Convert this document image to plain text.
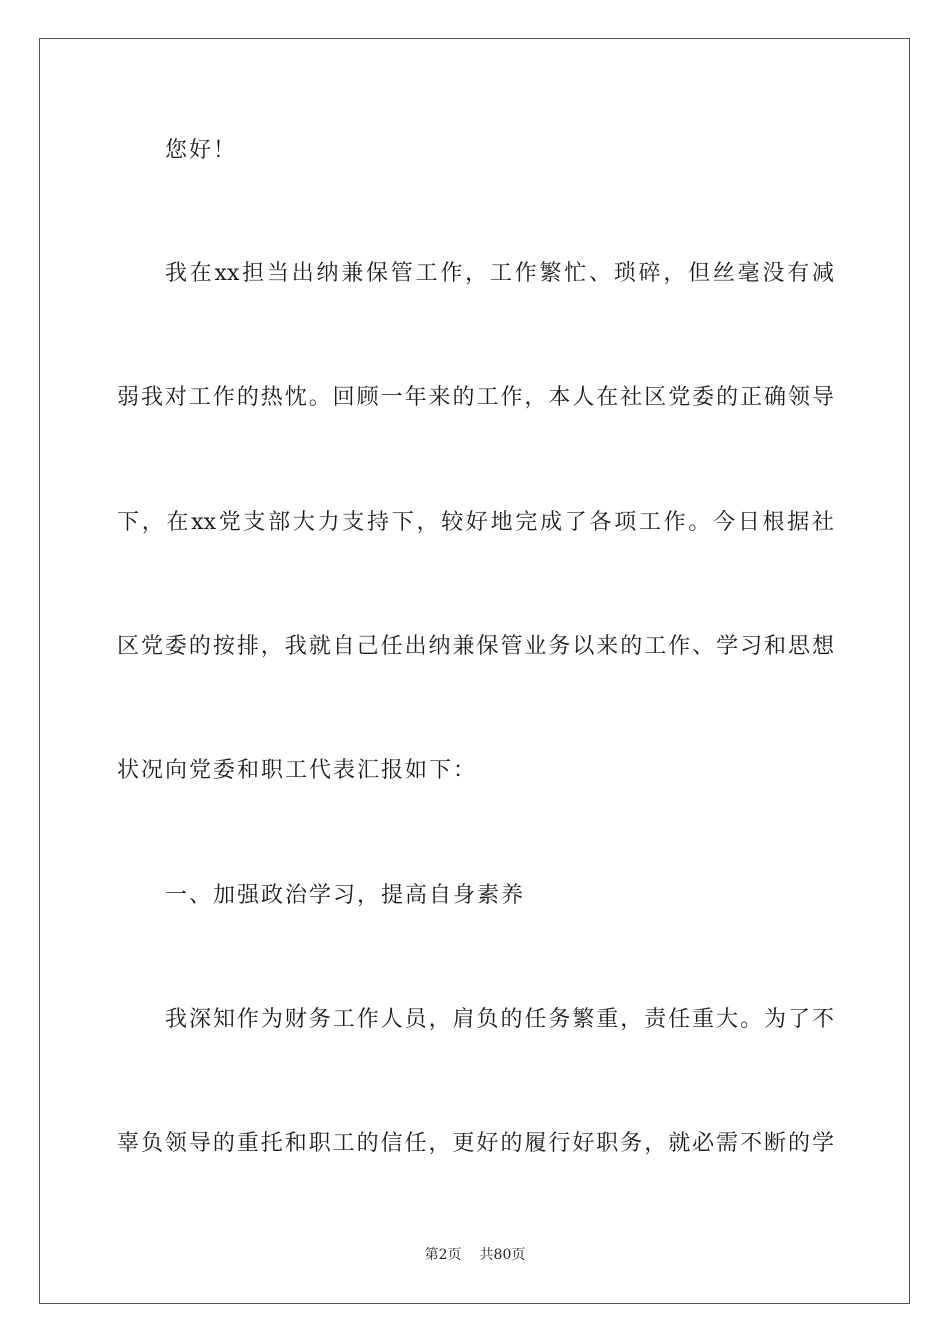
您好！
我在xx担当出纳兼保管工作，工作繁忙、琐碎，但丝毫没有减
弱我对工作的热忱。回顾一年来的工作，本人在社区党委的正确领导
下，在xx党支部大力支持下，较好地完成了各项工作。今日根据社
区党委的按排，我就自己任出纳兼保管业务以来的工作、学习和思想
状况向党委和职工代表汇报如下：
一、加强政治学习，提高自身素养
我深知作为财务工作人员，肩负的任务繁重，责任重大。为了不
辜负领导的重托和职工的信任，更好的履行好职务，就必需不断的学
第2页 共80页
